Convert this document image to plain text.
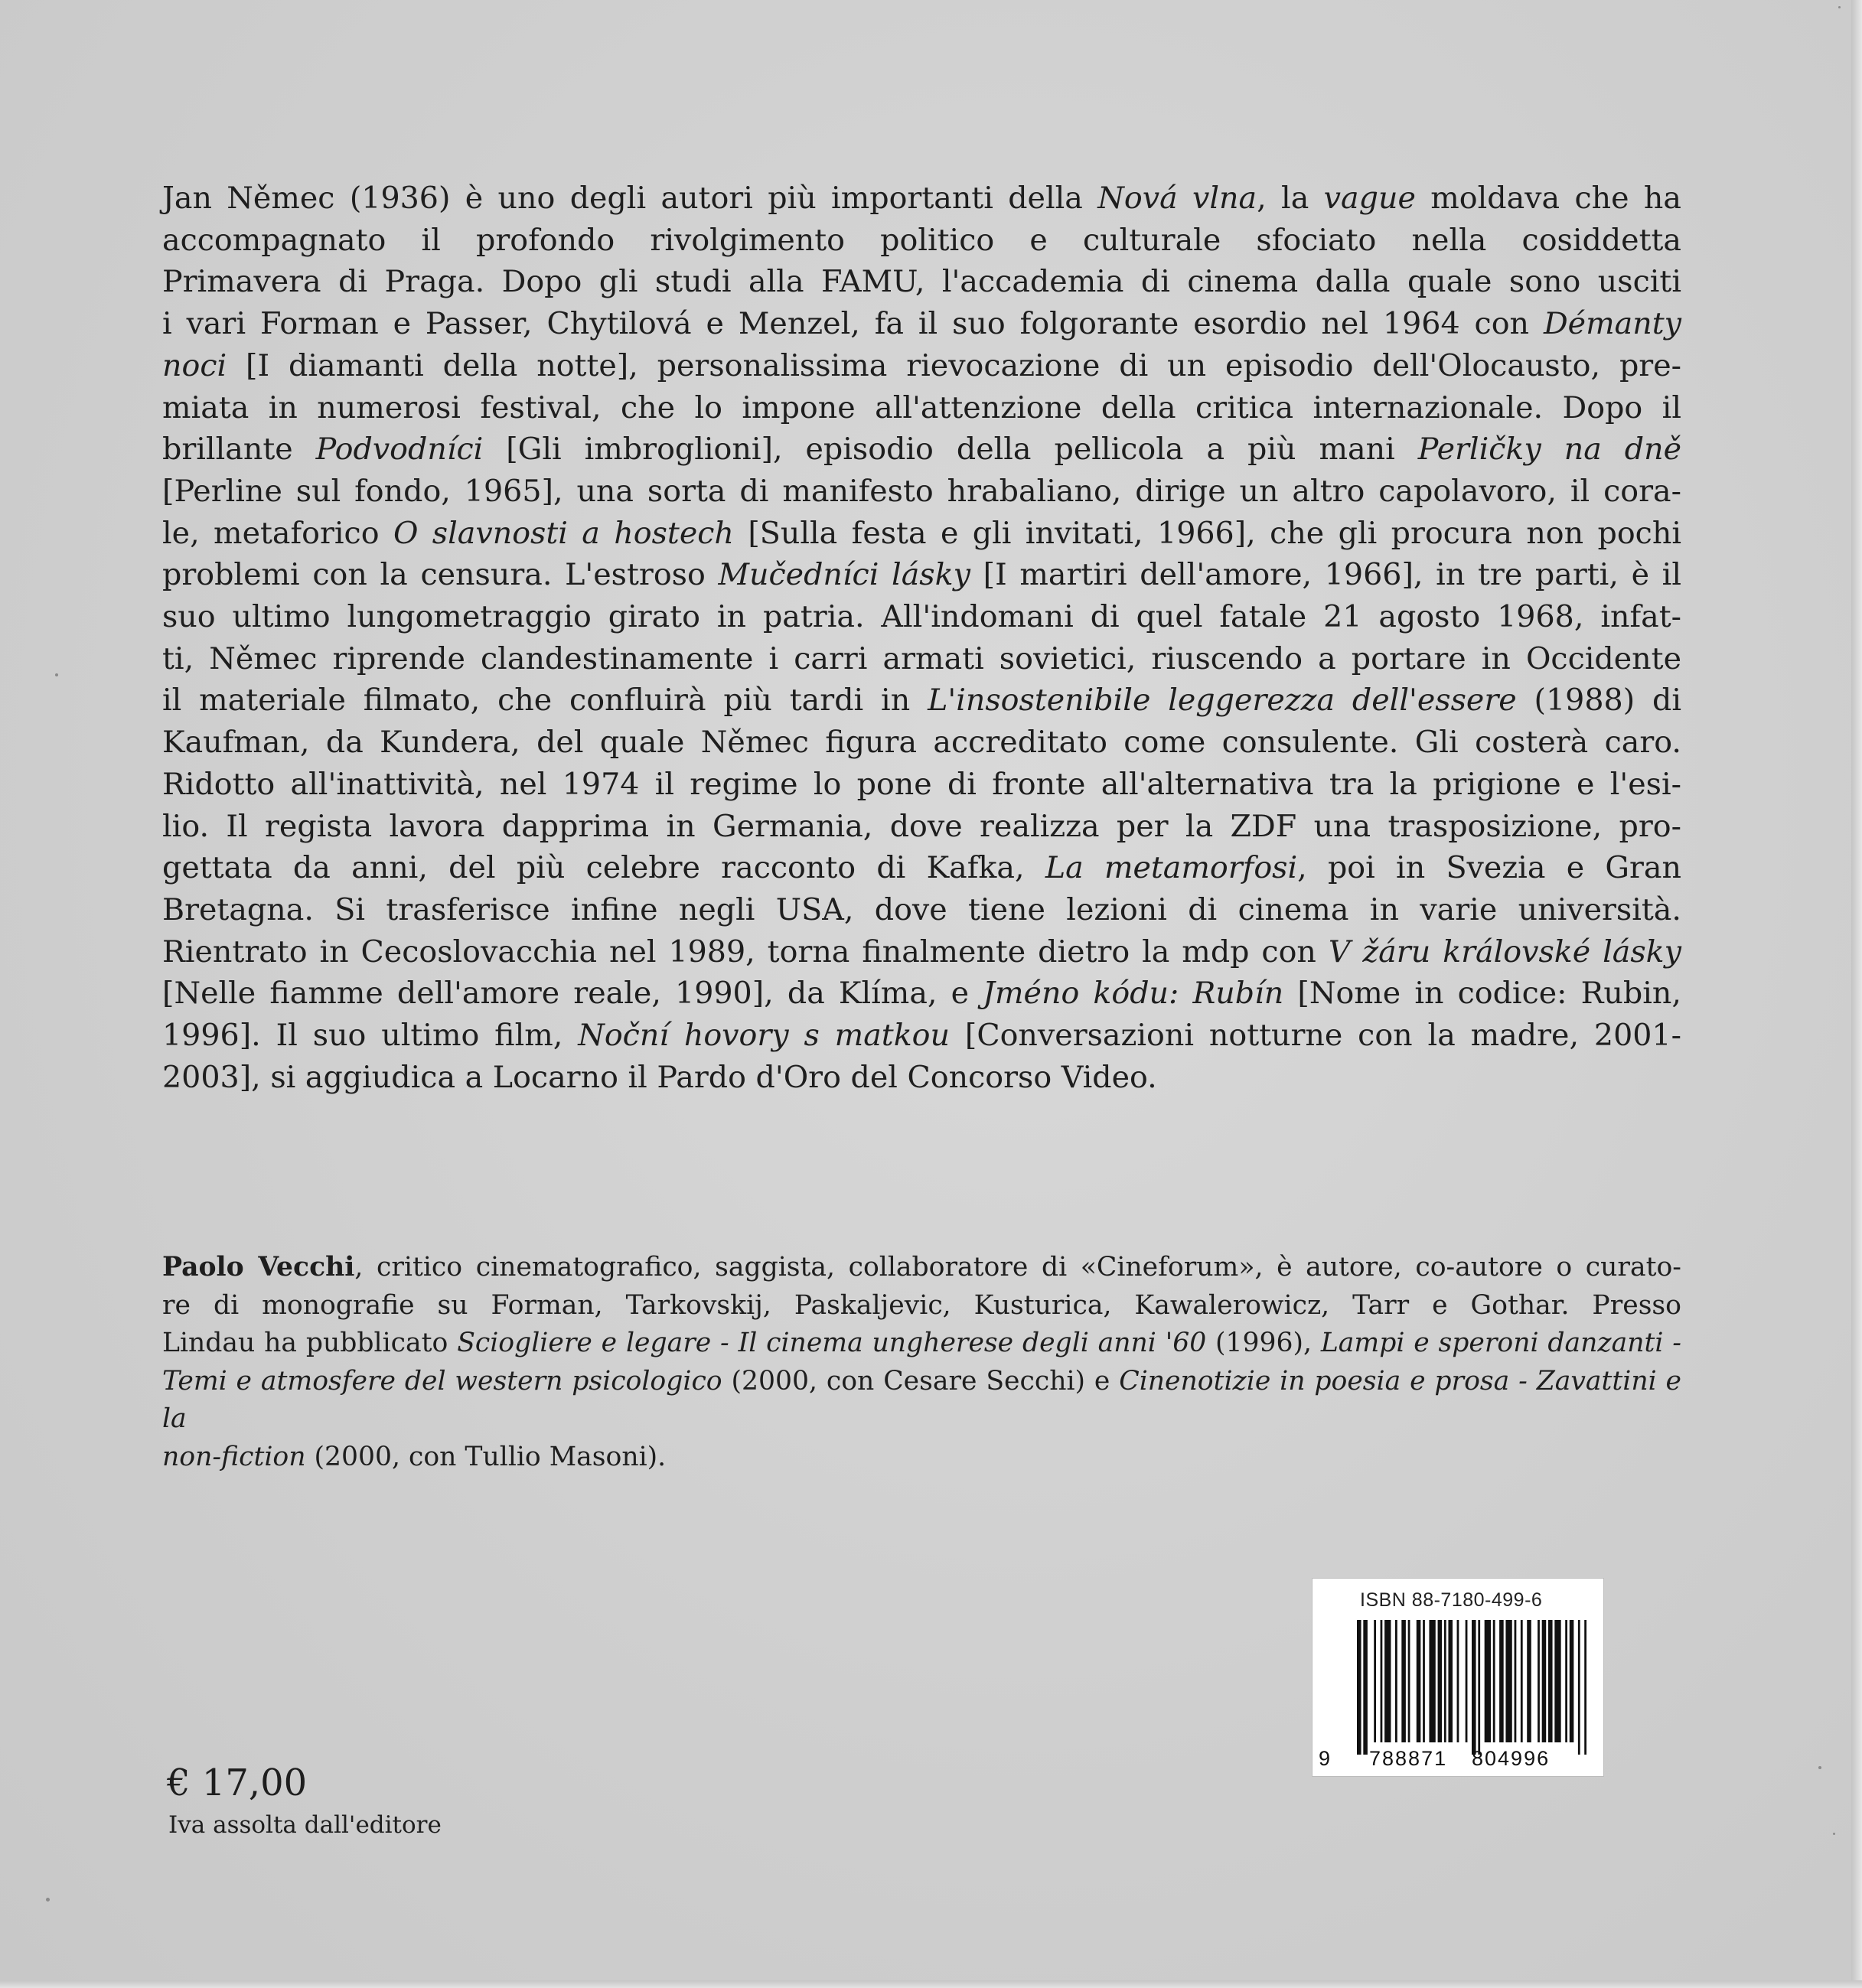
Jan Němec (1936) è uno degli autori più importanti della Nová vlna, la vague moldava che ha
accompagnato il profondo rivolgimento politico e culturale sfociato nella cosiddetta
Primavera di Praga. Dopo gli studi alla FAMU, l'accademia di cinema dalla quale sono usciti
i vari Forman e Passer, Chytilová e Menzel, fa il suo folgorante esordio nel 1964 con Démanty
noci [I diamanti della notte], personalissima rievocazione di un episodio dell'Olocausto, pre-
miata in numerosi festival, che lo impone all'attenzione della critica internazionale. Dopo il
brillante Podvodníci [Gli imbroglioni], episodio della pellicola a più mani Perličky na dně
[Perline sul fondo, 1965], una sorta di manifesto hrabaliano, dirige un altro capolavoro, il cora-
le, metaforico O slavnosti a hostech [Sulla festa e gli invitati, 1966], che gli procura non pochi
problemi con la censura. L'estroso Mučedníci lásky [I martiri dell'amore, 1966], in tre parti, è il
suo ultimo lungometraggio girato in patria. All'indomani di quel fatale 21 agosto 1968, infat-
ti, Němec riprende clandestinamente i carri armati sovietici, riuscendo a portare in Occidente
il materiale filmato, che confluirà più tardi in L'insostenibile leggerezza dell'essere (1988) di
Kaufman, da Kundera, del quale Němec figura accreditato come consulente. Gli costerà caro.
Ridotto all'inattività, nel 1974 il regime lo pone di fronte all'alternativa tra la prigione e l'esi-
lio. Il regista lavora dapprima in Germania, dove realizza per la ZDF una trasposizione, pro-
gettata da anni, del più celebre racconto di Kafka, La metamorfosi, poi in Svezia e Gran
Bretagna. Si trasferisce infine negli USA, dove tiene lezioni di cinema in varie università.
Rientrato in Cecoslovacchia nel 1989, torna finalmente dietro la mdp con V žáru královské lásky
[Nelle fiamme dell'amore reale, 1990], da Klíma, e Jméno kódu: Rubín [Nome in codice: Rubin,
1996]. Il suo ultimo film, Noční hovory s matkou [Conversazioni notturne con la madre, 2001-
2003], si aggiudica a Locarno il Pardo d'Oro del Concorso Video.

Paolo Vecchi, critico cinematografico, saggista, collaboratore di «Cineforum», è autore, co-autore o curato-
re di monografie su Forman, Tarkovskij, Paskaljevic, Kusturica, Kawalerowicz, Tarr e Gothar. Presso
Lindau ha pubblicato Sciogliere e legare - Il cinema ungherese degli anni '60 (1996), Lampi e speroni danzanti -
Temi e atmosfere del western psicologico (2000, con Cesare Secchi) e Cinenotizie in poesia e prosa - Zavattini e la
non-fiction (2000, con Tullio Masoni).

€ 17,00
Iva assolta dall'editore
ISBN 88-7180-499-6
9 788871 804996
